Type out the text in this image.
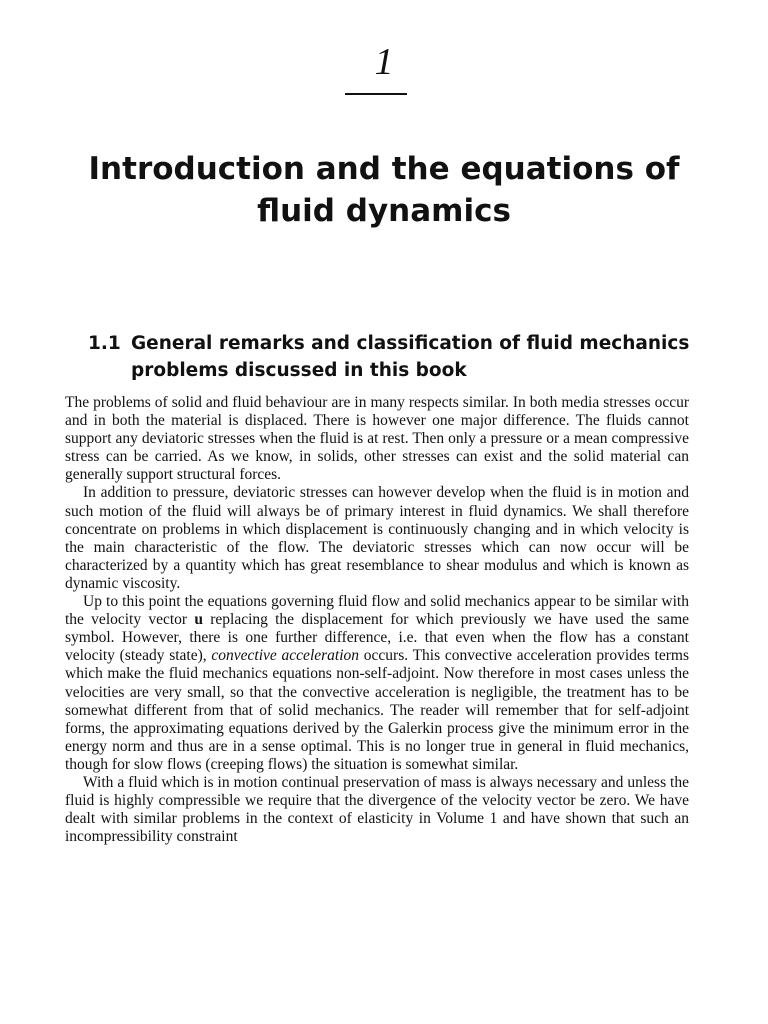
1
Introduction and the equations of fluid dynamics
1.1 General remarks and classification of fluid mechanics problems discussed in this book

The problems of solid and fluid behaviour are in many respects similar. In both media stresses occur and in both the material is displaced. There is however one major difference. The fluids cannot support any deviatoric stresses when the fluid is at rest. Then only a pressure or a mean compressive stress can be carried. As we know, in solids, other stresses can exist and the solid material can generally support structural forces.

In addition to pressure, deviatoric stresses can however develop when the fluid is in motion and such motion of the fluid will always be of primary interest in fluid dynamics. We shall therefore concentrate on problems in which displacement is continuously changing and in which velocity is the main characteristic of the flow. The deviatoric stresses which can now occur will be characterized by a quantity which has great resemblance to shear modulus and which is known as dynamic viscosity.

Up to this point the equations governing fluid flow and solid mechanics appear to be similar with the velocity vector u replacing the displacement for which previously we have used the same symbol. However, there is one further difference, i.e. that even when the flow has a constant velocity (steady state), convective acceleration occurs. This convective acceleration provides terms which make the fluid mechanics equations non-self-adjoint. Now therefore in most cases unless the velocities are very small, so that the convective acceleration is negligible, the treatment has to be somewhat different from that of solid mechanics. The reader will remember that for self-adjoint forms, the approximating equations derived by the Galerkin process give the minimum error in the energy norm and thus are in a sense optimal. This is no longer true in general in fluid mechanics, though for slow flows (creeping flows) the situation is somewhat similar.

With a fluid which is in motion continual preservation of mass is always necessary and unless the fluid is highly compressible we require that the divergence of the velocity vector be zero. We have dealt with similar problems in the context of elasticity in Volume 1 and have shown that such an incompressibility constraint
